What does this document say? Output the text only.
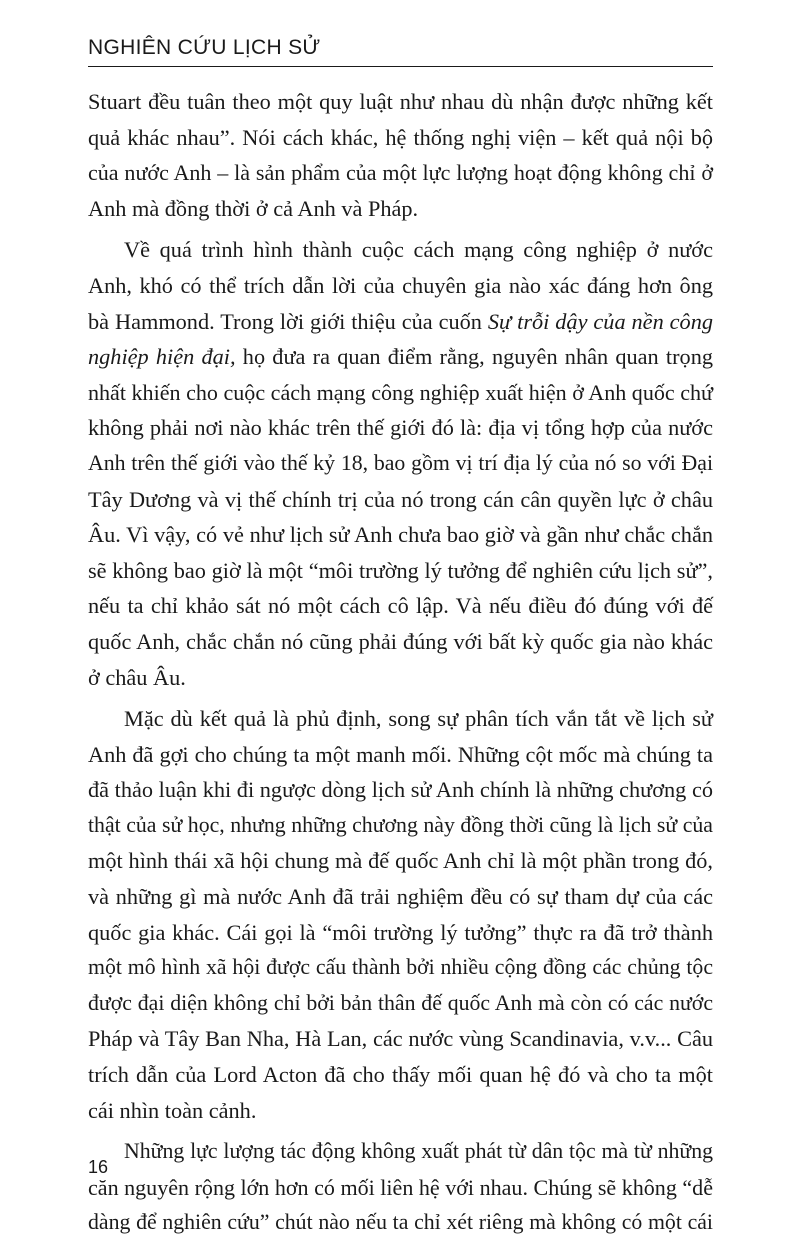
NGHIÊN CỨU LỊCH SỬ
Stuart đều tuân theo một quy luật như nhau dù nhận được những kết
quả khác nhau”. Nói cách khác, hệ thống nghị viện – kết quả nội bộ
của nước Anh – là sản phẩm của một lực lượng hoạt động không chỉ ở
Anh mà đồng thời ở cả Anh và Pháp.
Về quá trình hình thành cuộc cách mạng công nghiệp ở nước
Anh, khó có thể trích dẫn lời của chuyên gia nào xác đáng hơn ông
bà Hammond. Trong lời giới thiệu của cuốn Sự trỗi dậy của nền công
nghiệp hiện đại, họ đưa ra quan điểm rằng, nguyên nhân quan trọng
nhất khiến cho cuộc cách mạng công nghiệp xuất hiện ở Anh quốc chứ
không phải nơi nào khác trên thế giới đó là: địa vị tổng hợp của nước
Anh trên thế giới vào thế kỷ 18, bao gồm vị trí địa lý của nó so với Đại
Tây Dương và vị thế chính trị của nó trong cán cân quyền lực ở châu
Âu. Vì vậy, có vẻ như lịch sử Anh chưa bao giờ và gần như chắc chắn
sẽ không bao giờ là một “môi trường lý tưởng để nghiên cứu lịch sử”,
nếu ta chỉ khảo sát nó một cách cô lập. Và nếu điều đó đúng với đế
quốc Anh, chắc chắn nó cũng phải đúng với bất kỳ quốc gia nào khác
ở châu Âu.
Mặc dù kết quả là phủ định, song sự phân tích vắn tắt về lịch sử
Anh đã gợi cho chúng ta một manh mối. Những cột mốc mà chúng ta
đã thảo luận khi đi ngược dòng lịch sử Anh chính là những chương có
thật của sử học, nhưng những chương này đồng thời cũng là lịch sử của
một hình thái xã hội chung mà đế quốc Anh chỉ là một phần trong đó,
và những gì mà nước Anh đã trải nghiệm đều có sự tham dự của các
quốc gia khác. Cái gọi là “môi trường lý tưởng” thực ra đã trở thành
một mô hình xã hội được cấu thành bởi nhiều cộng đồng các chủng tộc
được đại diện không chỉ bởi bản thân đế quốc Anh mà còn có các nước
Pháp và Tây Ban Nha, Hà Lan, các nước vùng Scandinavia, v.v... Câu
trích dẫn của Lord Acton đã cho thấy mối quan hệ đó và cho ta một
cái nhìn toàn cảnh.
Những lực lượng tác động không xuất phát từ dân tộc mà từ những
căn nguyên rộng lớn hơn có mối liên hệ với nhau. Chúng sẽ không “dễ
dàng để nghiên cứu” chút nào nếu ta chỉ xét riêng mà không có một cái
16
